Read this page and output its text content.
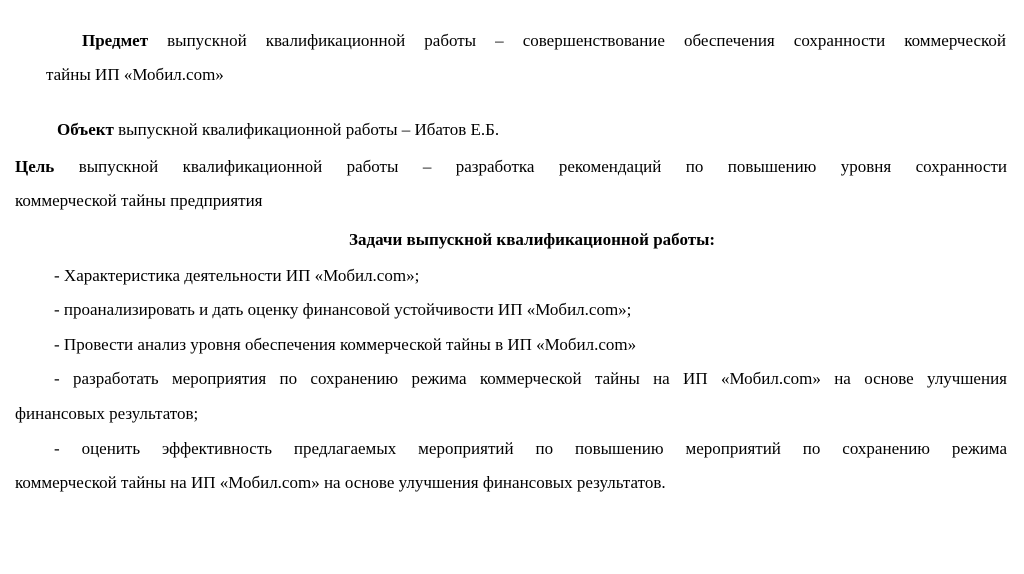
Предмет выпускной квалификационной работы – совершенствование обеспечения сохранности коммерческой
тайны ИП «Мобил.com»
Объект выпускной квалификационной работы – Ибатов Е.Б.
Цель выпускной квалификационной работы – разработка рекомендаций по повышению уровня сохранности
коммерческой тайны предприятия
Задачи выпускной квалификационной работы:
- Характеристика деятельности ИП «Мобил.com»;
- проанализировать и дать оценку финансовой устойчивости ИП «Мобил.com»;
- Провести анализ уровня обеспечения коммерческой тайны в ИП «Мобил.com»
- разработать мероприятия по сохранению режима коммерческой тайны на ИП «Мобил.com» на основе улучшения
финансовых результатов;
- оценить эффективность предлагаемых мероприятий по повышению мероприятий по сохранению режима
коммерческой тайны на ИП «Мобил.com» на основе улучшения финансовых результатов.
